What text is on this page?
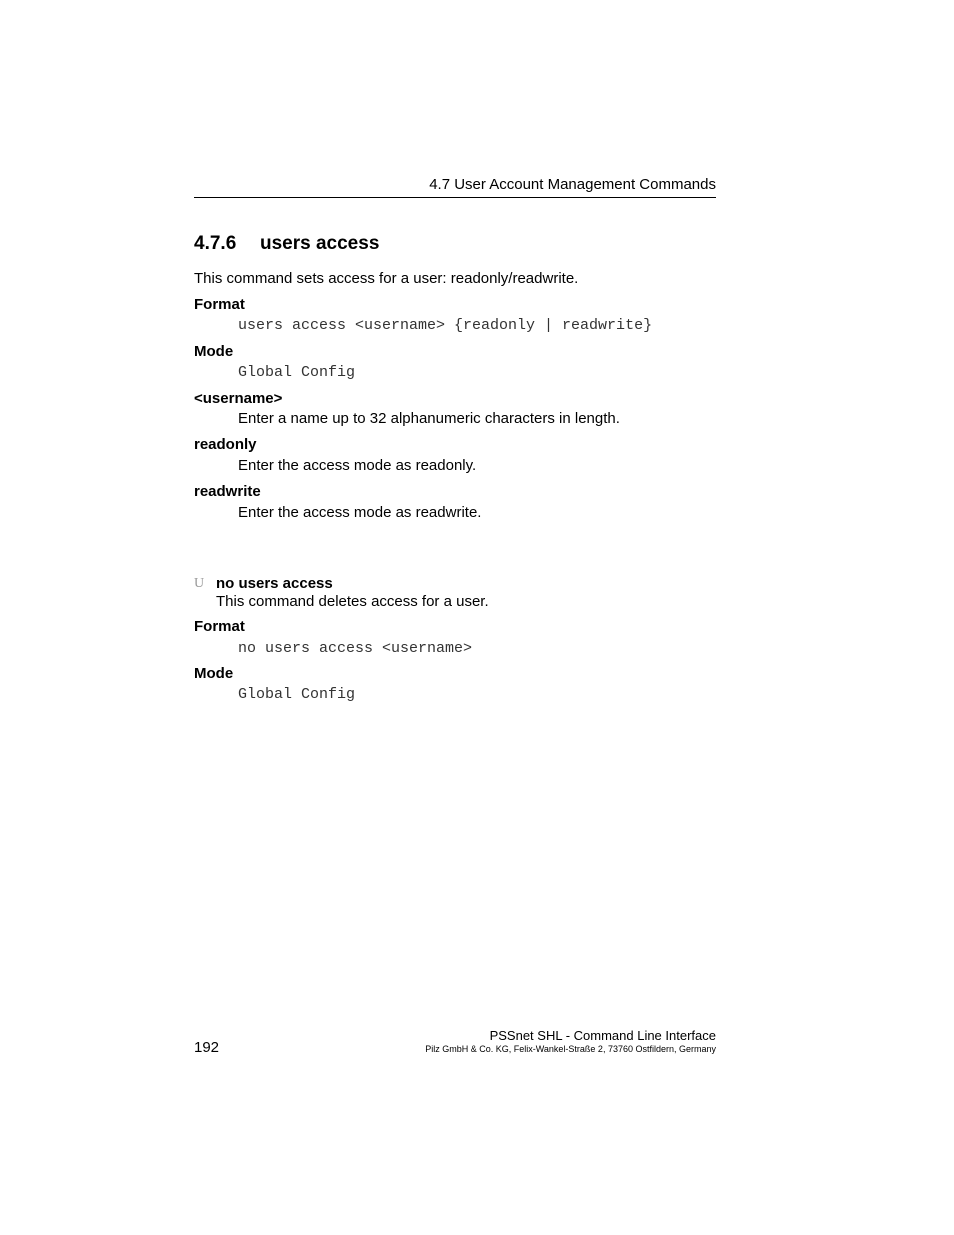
4.7 User Account Management Commands
4.7.6 users access
This command sets access for a user: readonly/readwrite.
Format
users access <username> {readonly | readwrite}
Mode
Global Config
<username>
Enter a name up to 32 alphanumeric characters in length.
readonly
Enter the access mode as readonly.
readwrite
Enter the access mode as readwrite.
U no users access
This command deletes access for a user.
Format
no users access <username>
Mode
Global Config
192
PSSnet SHL - Command Line Interface
Pilz GmbH & Co. KG, Felix-Wankel-Straße 2, 73760 Ostfildern, Germany
